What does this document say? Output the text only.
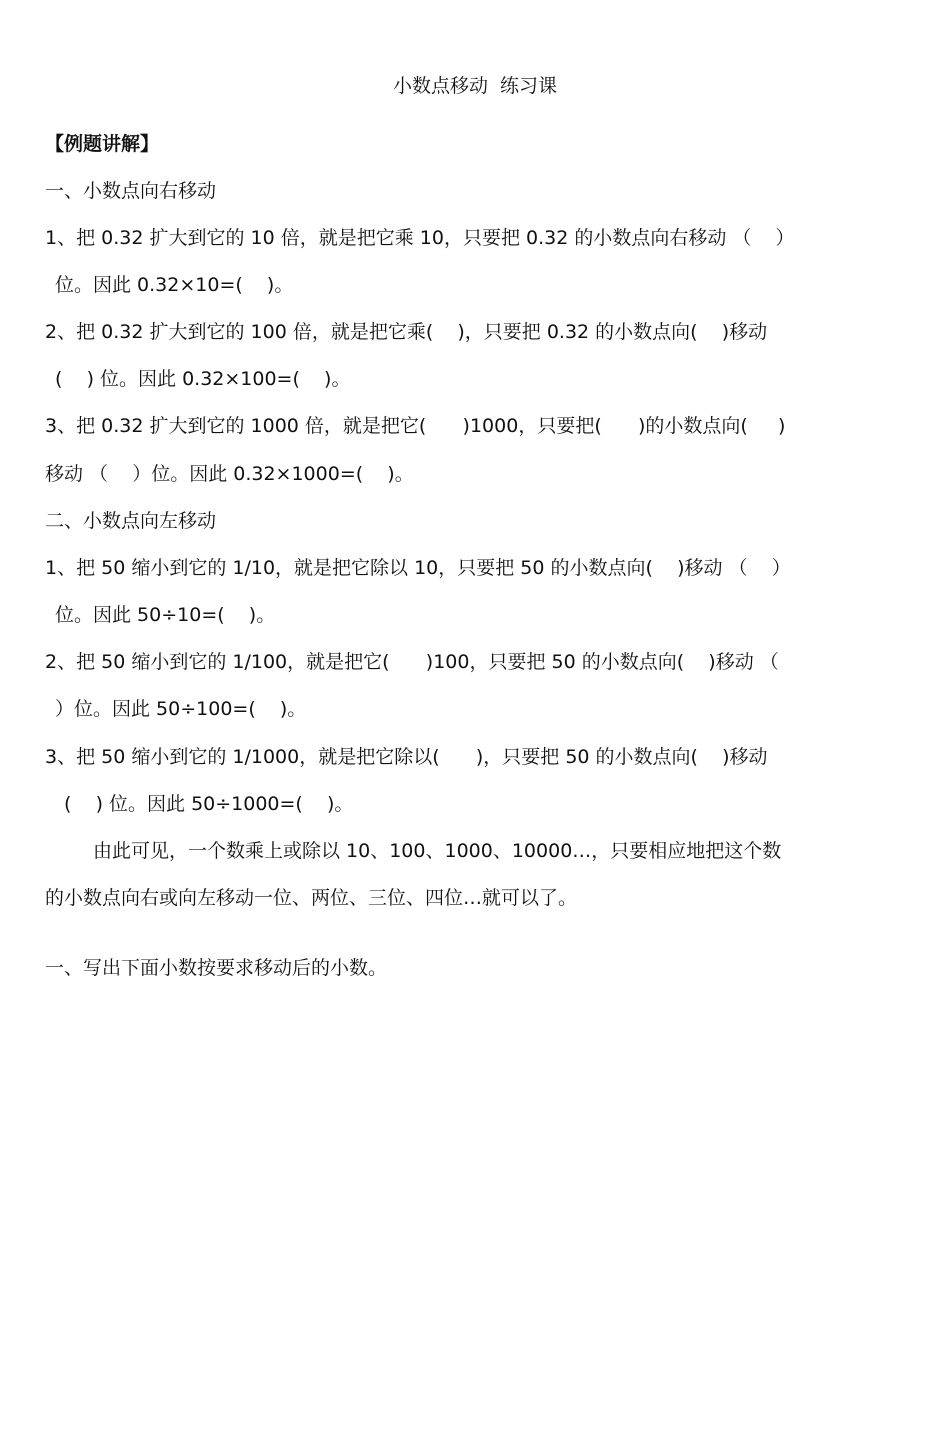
小数点移动  练习课
【例题讲解】
一、小数点向右移动
1、把 0.32 扩大到它的 10 倍，就是把它乘 10，只要把 0.32 的小数点向右移动 （    ）
位。因此 0.32×10=(    )。
2、把 0.32 扩大到它的 100 倍，就是把它乘(    )，只要把 0.32 的小数点向(    )移动
(    ) 位。因此 0.32×100=(    )。
3、把 0.32 扩大到它的 1000 倍，就是把它(      )1000，只要把(      )的小数点向(     )
移动 （    ）位。因此 0.32×1000=(    )。
二、小数点向左移动
1、把 50 缩小到它的 1/10，就是把它除以 10，只要把 50 的小数点向(    )移动 （    ）
位。因此 50÷10=(    )。
2、把 50 缩小到它的 1/100，就是把它(      )100，只要把 50 的小数点向(    )移动 （
）位。因此 50÷100=(    )。
3、把 50 缩小到它的 1/1000，就是把它除以(      )，只要把 50 的小数点向(    )移动
(    ) 位。因此 50÷1000=(    )。
由此可见，一个数乘上或除以 10、100、1000、10000…，只要相应地把这个数
的小数点向右或向左移动一位、两位、三位、四位…就可以了。
一、写出下面小数按要求移动后的小数。
